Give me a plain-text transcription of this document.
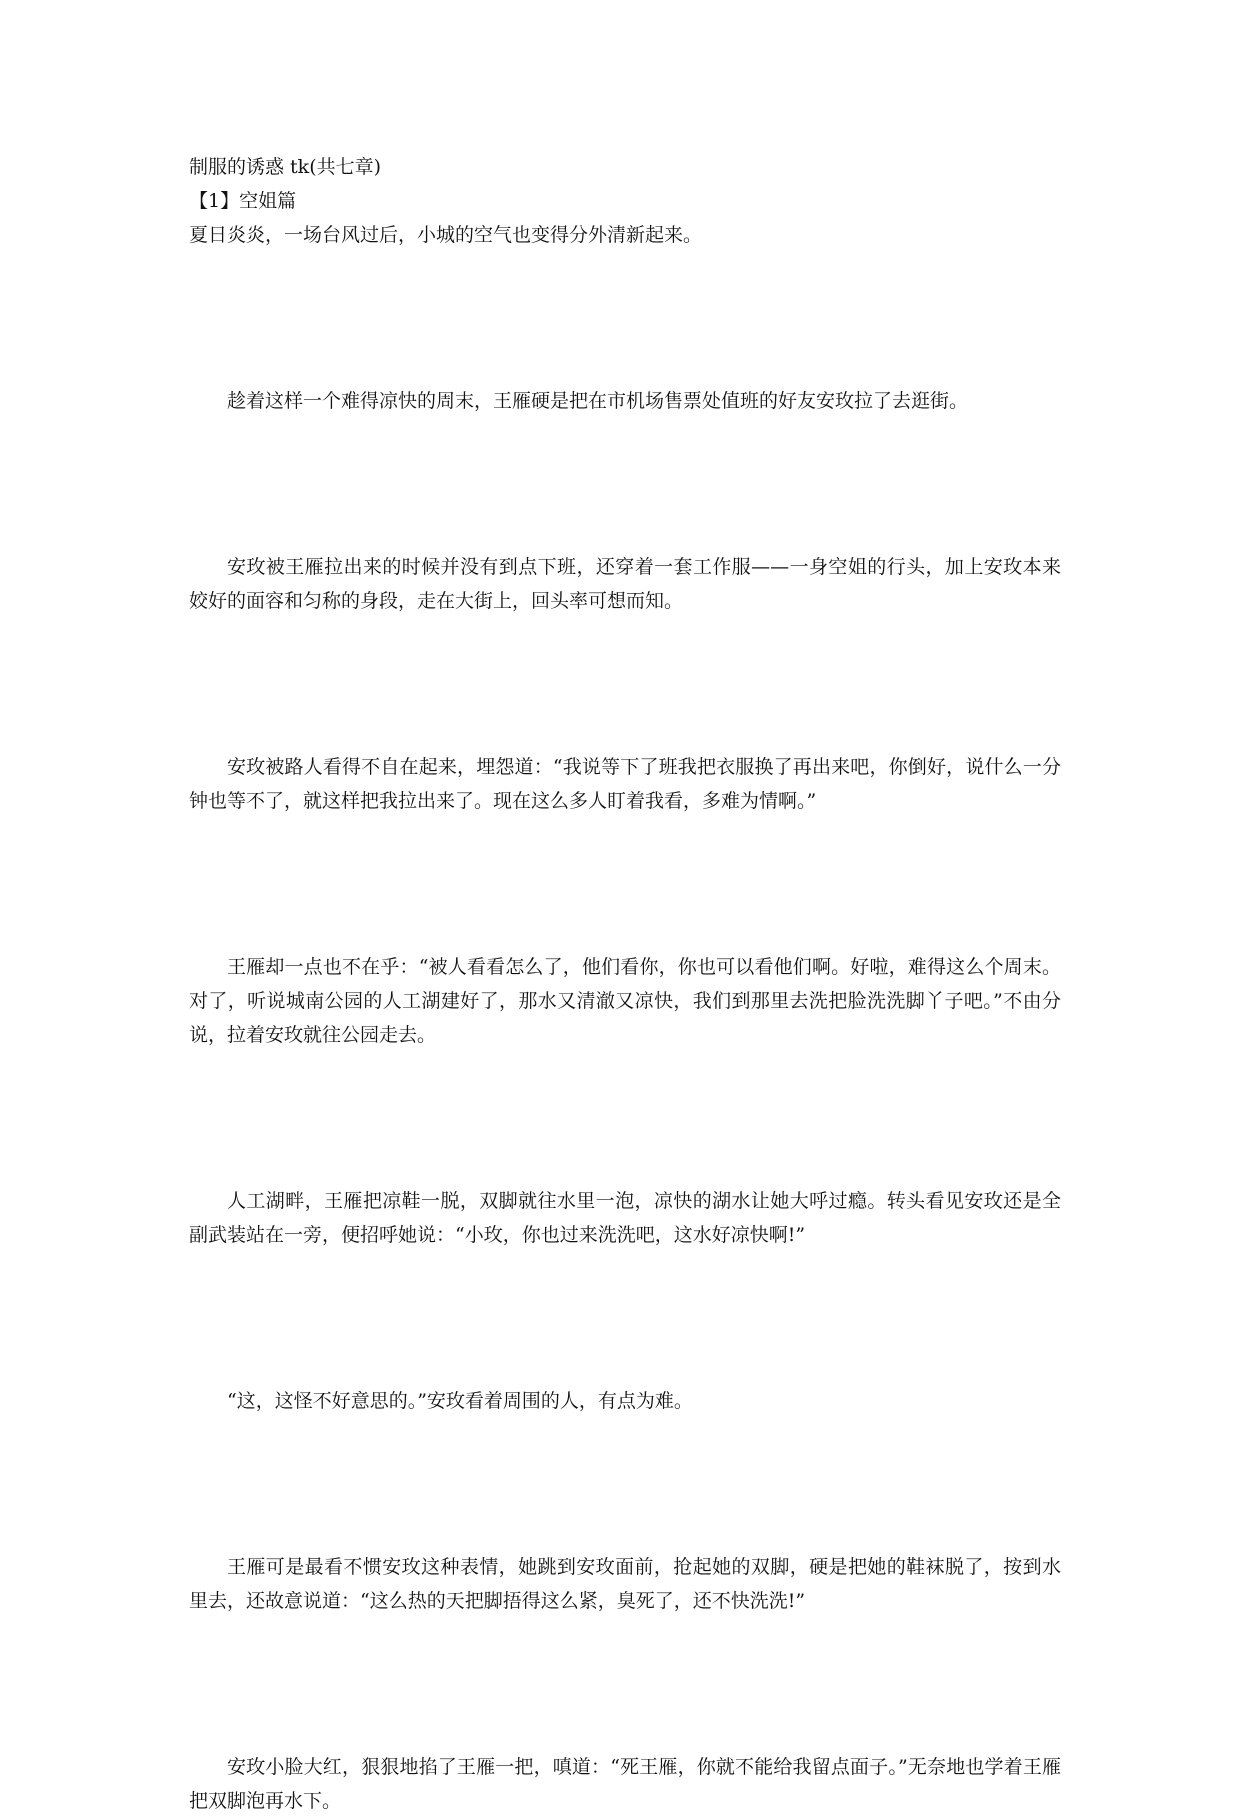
制服的诱惑 tk(共七章)

【1】空姐篇

夏日炎炎，一场台风过后，小城的空气也变得分外清新起来。

趁着这样一个难得凉快的周末，王雁硬是把在市机场售票处值班的好友安玫拉了去逛街。

安玫被王雁拉出来的时候并没有到点下班，还穿着一套工作服——一身空姐的行头，加上安玫本来姣好的面容和匀称的身段，走在大街上，回头率可想而知。

安玫被路人看得不自在起来，埋怨道：“我说等下了班我把衣服换了再出来吧，你倒好，说什么一分钟也等不了，就这样把我拉出来了。现在这么多人盯着我看，多难为情啊。”

王雁却一点也不在乎：“被人看看怎么了，他们看你，你也可以看他们啊。好啦，难得这么个周末。对了，听说城南公园的人工湖建好了，那水又清澈又凉快，我们到那里去洗把脸洗洗脚丫子吧。”不由分说，拉着安玫就往公园走去。

人工湖畔，王雁把凉鞋一脱，双脚就往水里一泡，凉快的湖水让她大呼过瘾。转头看见安玫还是全副武装站在一旁，便招呼她说：“小玫，你也过来洗洗吧，这水好凉快啊!”

“这，这怪不好意思的。”安玫看着周围的人，有点为难。

王雁可是最看不惯安玫这种表情，她跳到安玫面前，抢起她的双脚，硬是把她的鞋袜脱了，按到水里去，还故意说道：“这么热的天把脚捂得这么紧，臭死了，还不快洗洗!”

安玫小脸大红，狠狠地掐了王雁一把，嗔道：“死王雁，你就不能给我留点面子。”无奈地也学着王雁把双脚泡再水下。
